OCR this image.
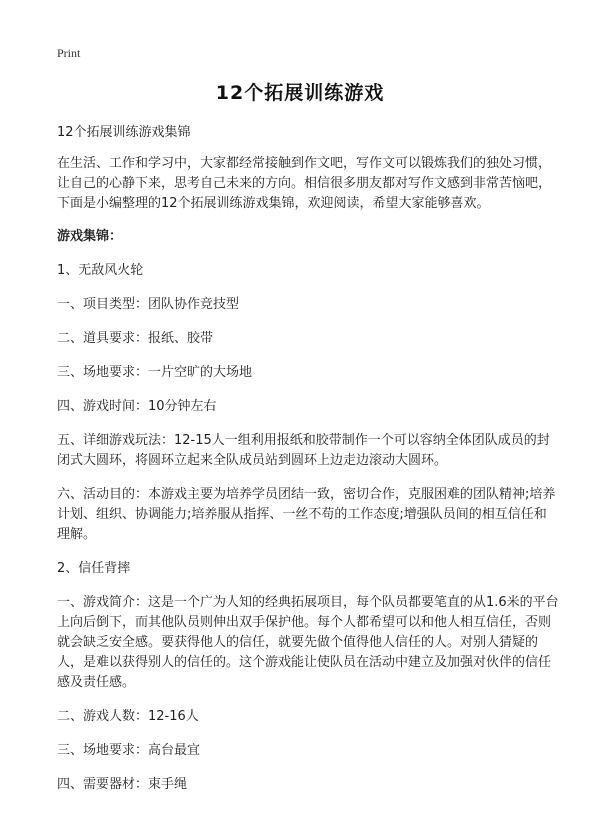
Print
12个拓展训练游戏

12个拓展训练游戏集锦

在生活、工作和学习中，大家都经常接触到作文吧，写作文可以锻炼我们的独处习惯，让自己的心静下来，思考自己未来的方向。相信很多朋友都对写作文感到非常苦恼吧，下面是小编整理的12个拓展训练游戏集锦，欢迎阅读，希望大家能够喜欢。

游戏集锦：

1、无敌风火轮

一、项目类型：团队协作竞技型

二、道具要求：报纸、胶带

三、场地要求：一片空旷的大场地

四、游戏时间：10分钟左右

五、详细游戏玩法：12-15人一组利用报纸和胶带制作一个可以容纳全体团队成员的封闭式大圆环，将圆环立起来全队成员站到圆环上边走边滚动大圆环。

六、活动目的：本游戏主要为培养学员团结一致，密切合作，克服困难的团队精神;培养计划、组织、协调能力;培养服从指挥、一丝不苟的工作态度;增强队员间的相互信任和理解。

2、信任背摔

一、游戏简介：这是一个广为人知的经典拓展项目，每个队员都要笔直的从1.6米的平台上向后倒下，而其他队员则伸出双手保护他。每个人都希望可以和他人相互信任，否则就会缺乏安全感。要获得他人的信任，就要先做个值得他人信任的人。对别人猜疑的人，是难以获得别人的信任的。这个游戏能让使队员在活动中建立及加强对伙伴的信任感及责任感。

二、游戏人数：12-16人

三、场地要求：高台最宜

四、需要器材：束手绳
